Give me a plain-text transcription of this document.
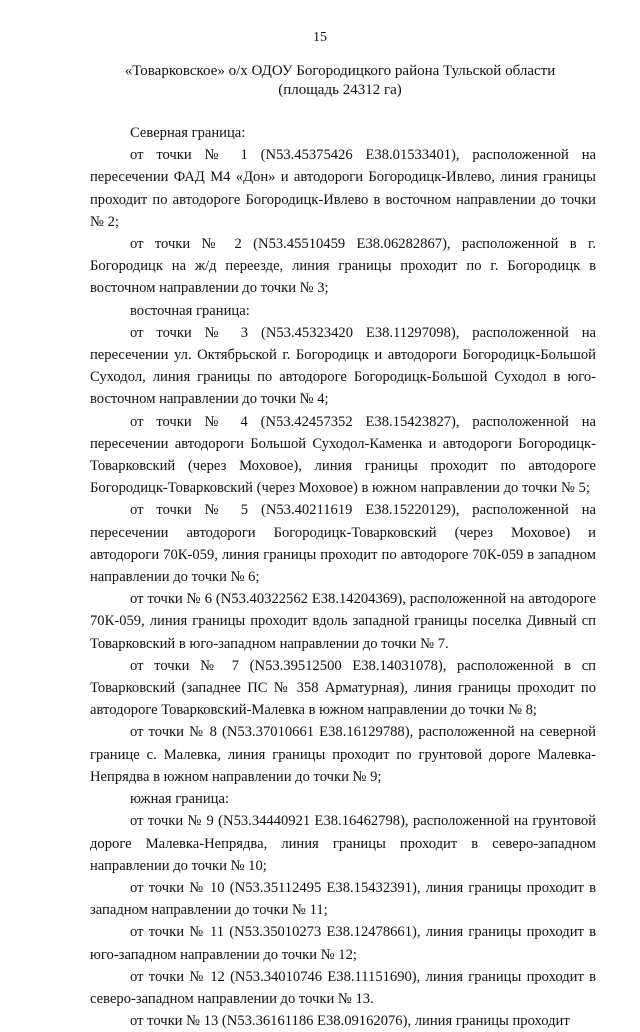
15
«Товарковское» о/х ОДОУ Богородицкого района Тульской области
(площадь 24312 га)

Северная граница:

от точки № 1 (N53.45375426 E38.01533401), расположенной на пересечении ФАД М4 «Дон» и автодороги Богородицк-Ивлево, линия границы проходит по автодороге Богородицк-Ивлево в восточном направлении до точки № 2;

от точки № 2 (N53.45510459 E38.06282867), расположенной в г. Богородицк на ж/д переезде, линия границы проходит по г. Богородицк в восточном направлении до точки № 3;

восточная граница:

от точки № 3 (N53.45323420 E38.11297098), расположенной на пересечении ул. Октябрьской г. Богородицк и автодороги Богородицк-Большой Суходол, линия границы по автодороге Богородицк-Большой Суходол в юго-восточном направлении до точки № 4;

от точки № 4 (N53.42457352 E38.15423827), расположенной на пересечении автодороги Большой Суходол-Каменка и автодороги Богородицк-Товарковский (через Моховое), линия границы проходит по автодороге Богородицк-Товарковский (через Моховое) в южном направлении до точки № 5;

от точки № 5 (N53.40211619 E38.15220129), расположенной на пересечении автодороги Богородицк-Товарковский (через Моховое) и автодороги 70К-059, линия границы проходит по автодороге 70К-059 в западном направлении до точки № 6;

от точки № 6 (N53.40322562 E38.14204369), расположенной на автодороге 70К-059, линия границы проходит вдоль западной границы поселка Дивный сп Товарковский в юго-западном направлении до точки № 7.

от точки № 7 (N53.39512500 E38.14031078), расположенной в сп Товарковский (западнее ПС № 358 Арматурная), линия границы проходит по автодороге Товарковский-Малевка в южном направлении до точки № 8;

от точки № 8 (N53.37010661 E38.16129788), расположенной на северной границе с. Малевка, линия границы проходит по грунтовой дороге Малевка-Непрядва в южном направлении до точки № 9;

южная граница:

от точки № 9 (N53.34440921 E38.16462798), расположенной на грунтовой дороге Малевка-Непрядва, линия границы проходит в северо-западном направлении до точки № 10;

от точки № 10 (N53.35112495 E38.15432391), линия границы проходит в западном направлении до точки № 11;

от точки № 11 (N53.35010273 E38.12478661), линия границы проходит в юго-западном направлении до точки № 12;

от точки № 12 (N53.34010746 E38.11151690), линия границы проходит в северо-западном направлении до точки № 13.

от точки № 13 (N53.36161186 E38.09162076), линия границы проходит
